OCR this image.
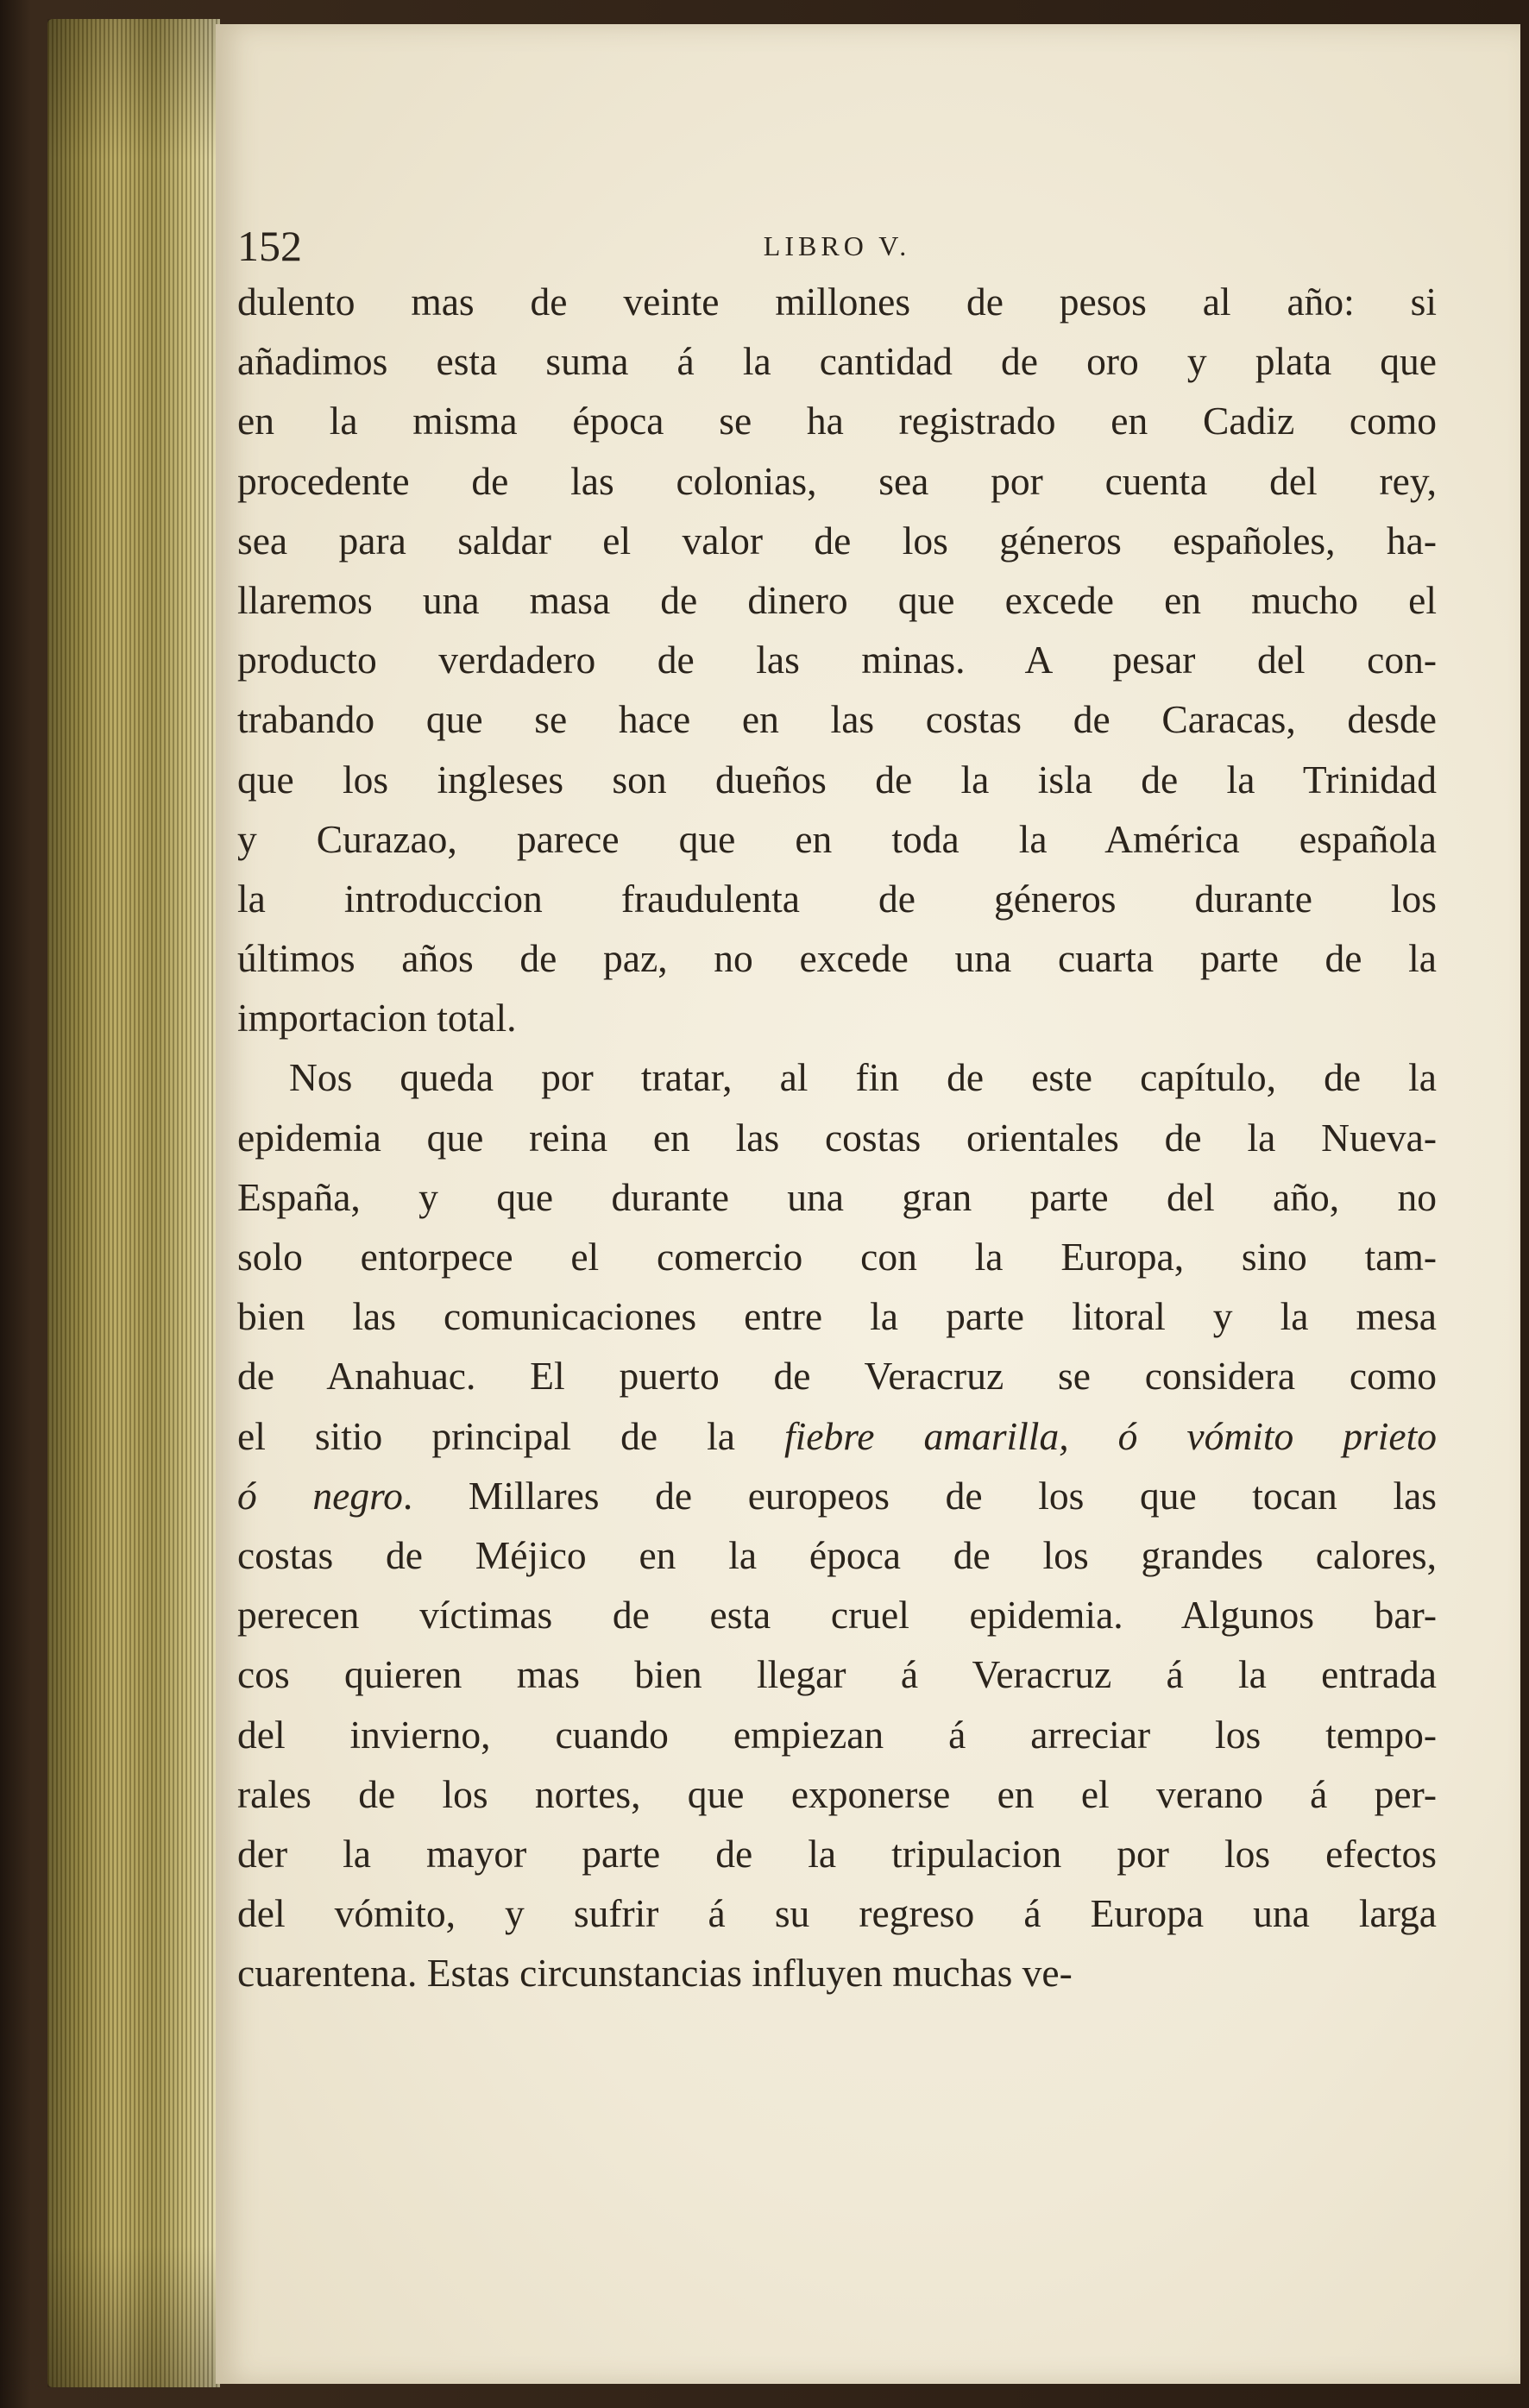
152	LIBRO V.
dulento mas de veinte millones de pesos al año: si
añadimos esta suma á la cantidad de oro y plata que
en la misma época se ha registrado en Cadiz como
procedente de las colonias, sea por cuenta del rey,
sea para saldar el valor de los géneros españoles, ha-
llaremos una masa de dinero que excede en mucho el
producto verdadero de las minas. A pesar del con-
trabando que se hace en las costas de Caracas, desde
que los ingleses son dueños de la isla de la Trinidad
y Curazao, parece que en toda la América española
la introduccion fraudulenta de géneros durante los
últimos años de paz, no excede una cuarta parte de la
importacion total.
Nos queda por tratar, al fin de este capítulo, de la
epidemia que reina en las costas orientales de la Nueva-
España, y que durante una gran parte del año, no
solo entorpece el comercio con la Europa, sino tam-
bien las comunicaciones entre la parte litoral y la mesa
de Anahuac. El puerto de Veracruz se considera como
el sitio principal de la fiebre amarilla, ó vómito prieto
ó negro. Millares de europeos de los que tocan las
costas de Méjico en la época de los grandes calores,
perecen víctimas de esta cruel epidemia. Algunos bar-
cos quieren mas bien llegar á Veracruz á la entrada
del invierno, cuando empiezan á arreciar los tempo-
rales de los nortes, que exponerse en el verano á per-
der la mayor parte de la tripulacion por los efectos
del vómito, y sufrir á su regreso á Europa una larga
cuarentena. Estas circunstancias influyen muchas ve-
